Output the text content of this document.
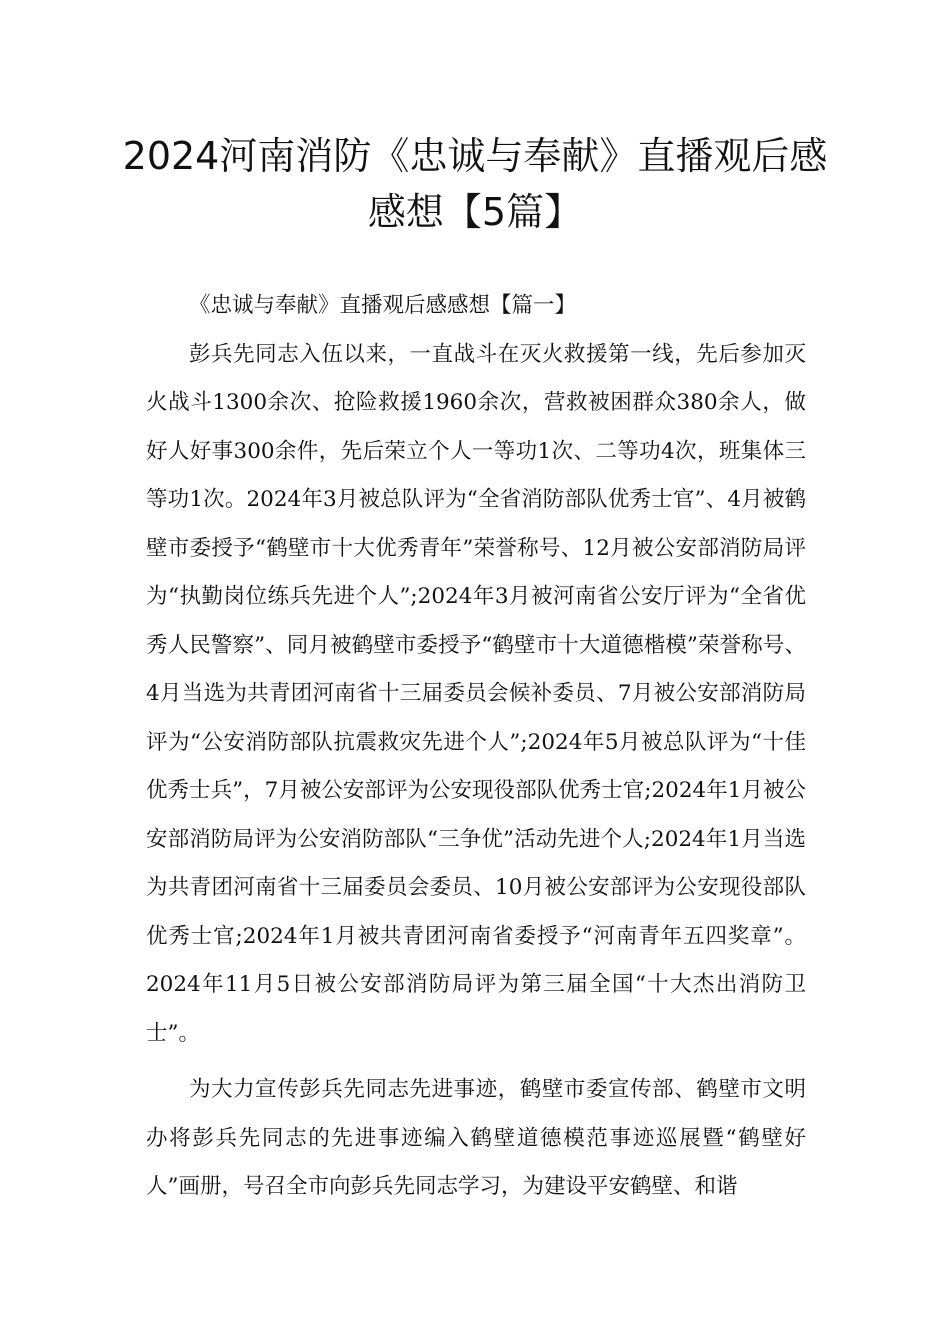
2024河南消防《忠诚与奉献》直播观后感感想【5篇】

《忠诚与奉献》直播观后感感想【篇一】

彭兵先同志入伍以来，一直战斗在灭火救援第一线，先后参加灭火战斗1300余次、抢险救援1960余次，营救被困群众380余人，做好人好事300余件，先后荣立个人一等功1次、二等功4次，班集体三等功1次。2024年3月被总队评为“全省消防部队优秀士官”、4月被鹤壁市委授予“鹤壁市十大优秀青年”荣誉称号、12月被公安部消防局评为“执勤岗位练兵先进个人”;2024年3月被河南省公安厅评为“全省优秀人民警察”、同月被鹤壁市委授予“鹤壁市十大道德楷模”荣誉称号、4月当选为共青团河南省十三届委员会候补委员、7月被公安部消防局评为“公安消防部队抗震救灾先进个人”;2024年5月被总队评为“十佳优秀士兵”，7月被公安部评为公安现役部队优秀士官;2024年1月被公安部消防局评为公安消防部队“三争优”活动先进个人;2024年1月当选为共青团河南省十三届委员会委员、10月被公安部评为公安现役部队优秀士官;2024年1月被共青团河南省委授予“河南青年五四奖章”。2024年11月5日被公安部消防局评为第三届全国“十大杰出消防卫士”。

为大力宣传彭兵先同志先进事迹，鹤壁市委宣传部、鹤壁市文明办将彭兵先同志的先进事迹编入鹤壁道德模范事迹巡展暨“鹤壁好人”画册，号召全市向彭兵先同志学习，为建设平安鹤壁、和谐
